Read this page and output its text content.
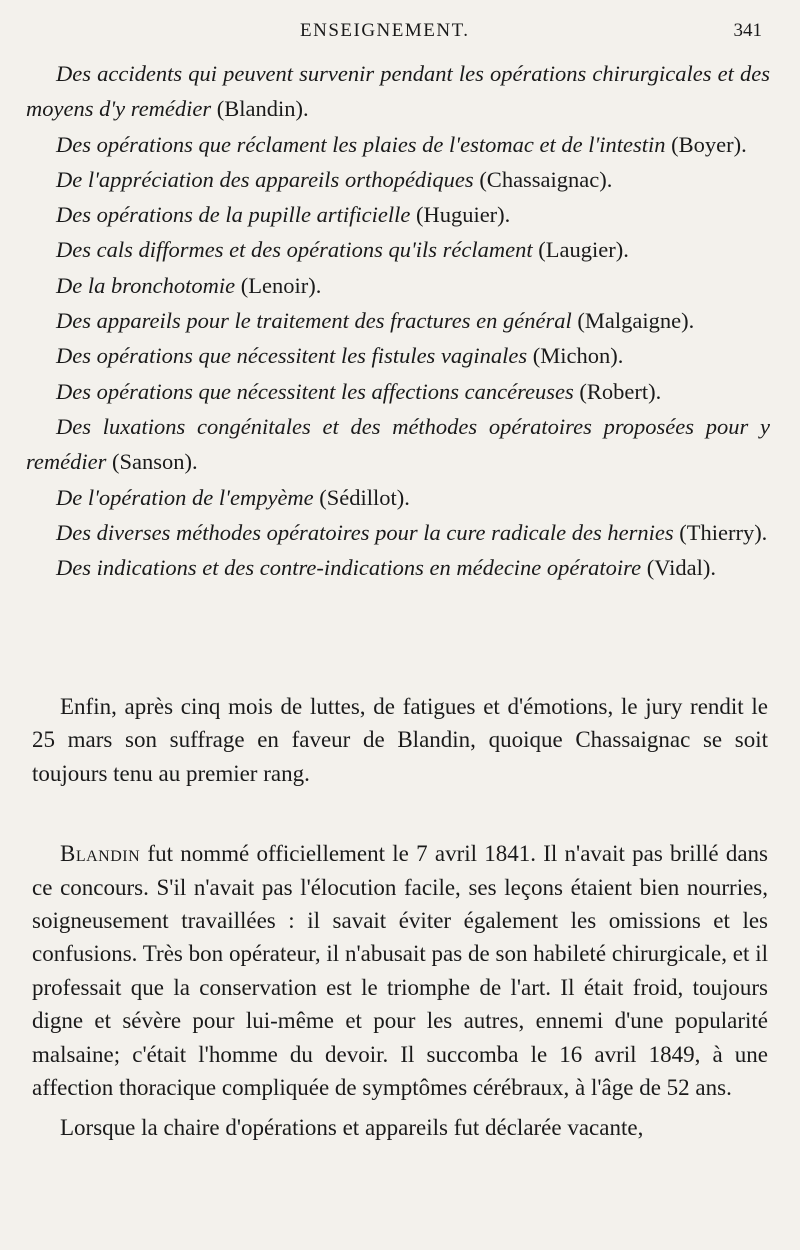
ENSEIGNEMENT.	341

Des accidents qui peuvent survenir pendant les opérations chirurgicales et des moyens d'y remédier (Blandin).

Des opérations que réclament les plaies de l'estomac et de l'intestin (Boyer).

De l'appréciation des appareils orthopédiques (Chassaignac).

Des opérations de la pupille artificielle (Huguier).

Des cals difformes et des opérations qu'ils réclament (Laugier).

De la bronchotomie (Lenoir).

Des appareils pour le traitement des fractures en général (Malgaigne).

Des opérations que nécessitent les fistules vaginales (Michon).

Des opérations que nécessitent les affections cancéreuses (Robert).

Des luxations congénitales et des méthodes opératoires proposées pour y remédier (Sanson).

De l'opération de l'empyème (Sédillot).

Des diverses méthodes opératoires pour la cure radicale des hernies (Thierry).

Des indications et des contre-indications en médecine opératoire (Vidal).

Enfin, après cinq mois de luttes, de fatigues et d'émotions, le jury rendit le 25 mars son suffrage en faveur de Blandin, quoique Chassaignac se soit toujours tenu au premier rang.

Blandin fut nommé officiellement le 7 avril 1841. Il n'avait pas brillé dans ce concours. S'il n'avait pas l'élocution facile, ses leçons étaient bien nourries, soigneusement travaillées : il savait éviter également les omissions et les confusions. Très bon opérateur, il n'abusait pas de son habileté chirurgicale, et il professait que la conservation est le triomphe de l'art. Il était froid, toujours digne et sévère pour lui-même et pour les autres, ennemi d'une popularité malsaine; c'était l'homme du devoir. Il succomba le 16 avril 1849, à une affection thoracique compliquée de symptômes cérébraux, à l'âge de 52 ans.

Lorsque la chaire d'opérations et appareils fut déclarée vacante,
